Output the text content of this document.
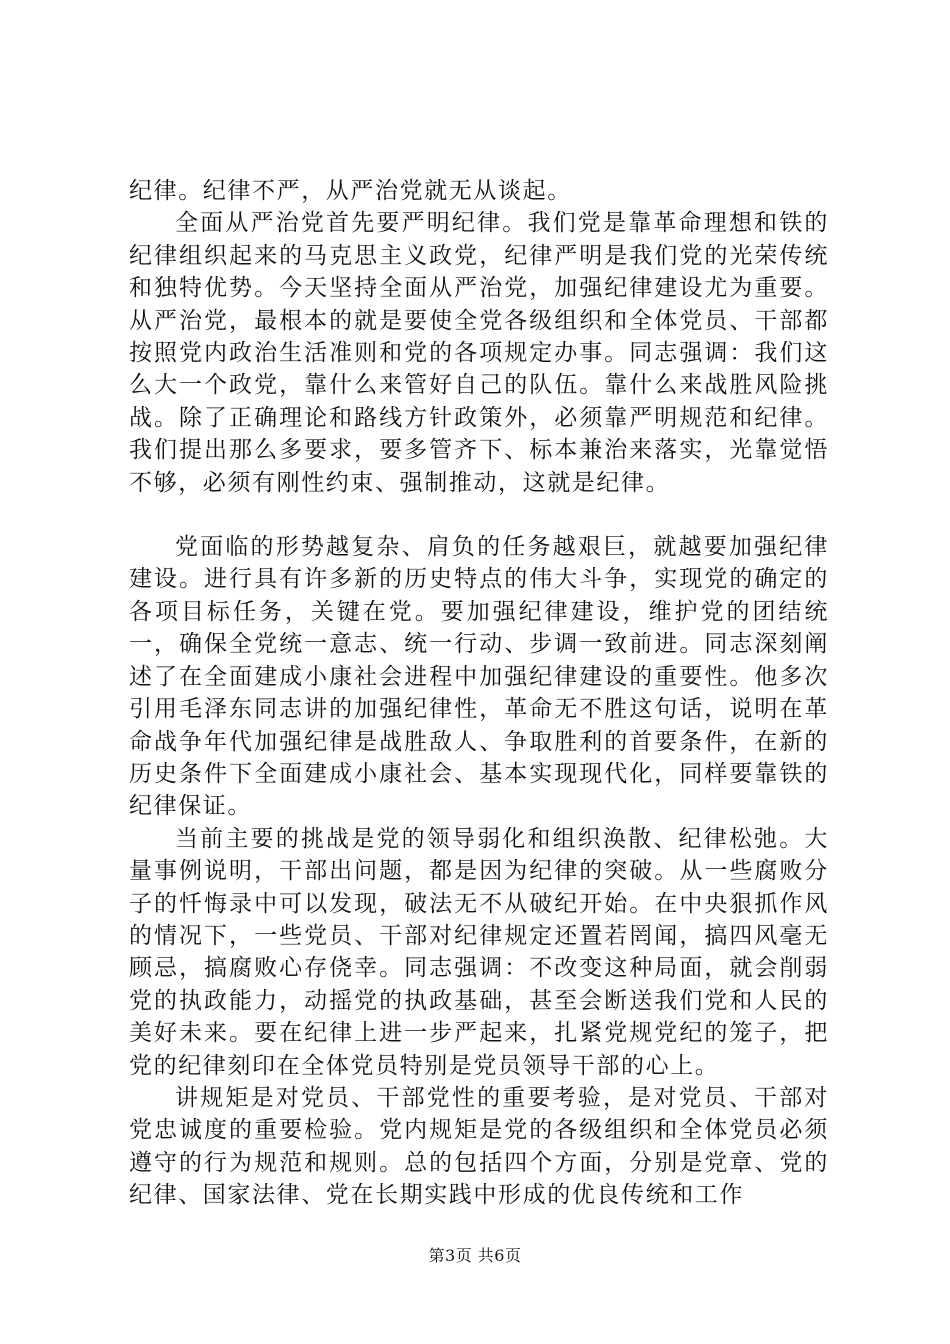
纪律。纪律不严，从严治党就无从谈起。

全面从严治党首先要严明纪律。我们党是靠革命理想和铁的纪律组织起来的马克思主义政党，纪律严明是我们党的光荣传统和独特优势。今天坚持全面从严治党，加强纪律建设尤为重要。从严治党，最根本的就是要使全党各级组织和全体党员、干部都按照党内政治生活准则和党的各项规定办事。同志强调：我们这么大一个政党，靠什么来管好自己的队伍。靠什么来战胜风险挑战。除了正确理论和路线方针政策外，必须靠严明规范和纪律。我们提出那么多要求，要多管齐下、标本兼治来落实，光靠觉悟不够，必须有刚性约束、强制推动，这就是纪律。

党面临的形势越复杂、肩负的任务越艰巨，就越要加强纪律建设。进行具有许多新的历史特点的伟大斗争，实现党的确定的各项目标任务，关键在党。要加强纪律建设，维护党的团结统一，确保全党统一意志、统一行动、步调一致前进。同志深刻阐述了在全面建成小康社会进程中加强纪律建设的重要性。他多次引用毛泽东同志讲的加强纪律性，革命无不胜这句话，说明在革命战争年代加强纪律是战胜敌人、争取胜利的首要条件，在新的历史条件下全面建成小康社会、基本实现现代化，同样要靠铁的纪律保证。

当前主要的挑战是党的领导弱化和组织涣散、纪律松弛。大量事例说明，干部出问题，都是因为纪律的突破。从一些腐败分子的忏悔录中可以发现，破法无不从破纪开始。在中央狠抓作风的情况下，一些党员、干部对纪律规定还置若罔闻，搞四风毫无顾忌，搞腐败心存侥幸。同志强调：不改变这种局面，就会削弱党的执政能力，动摇党的执政基础，甚至会断送我们党和人民的美好未来。要在纪律上进一步严起来，扎紧党规党纪的笼子，把党的纪律刻印在全体党员特别是党员领导干部的心上。

讲规矩是对党员、干部党性的重要考验，是对党员、干部对党忠诚度的重要检验。党内规矩是党的各级组织和全体党员必须遵守的行为规范和规则。总的包括四个方面，分别是党章、党的纪律、国家法律、党在长期实践中形成的优良传统和工作

第3页 共6页
